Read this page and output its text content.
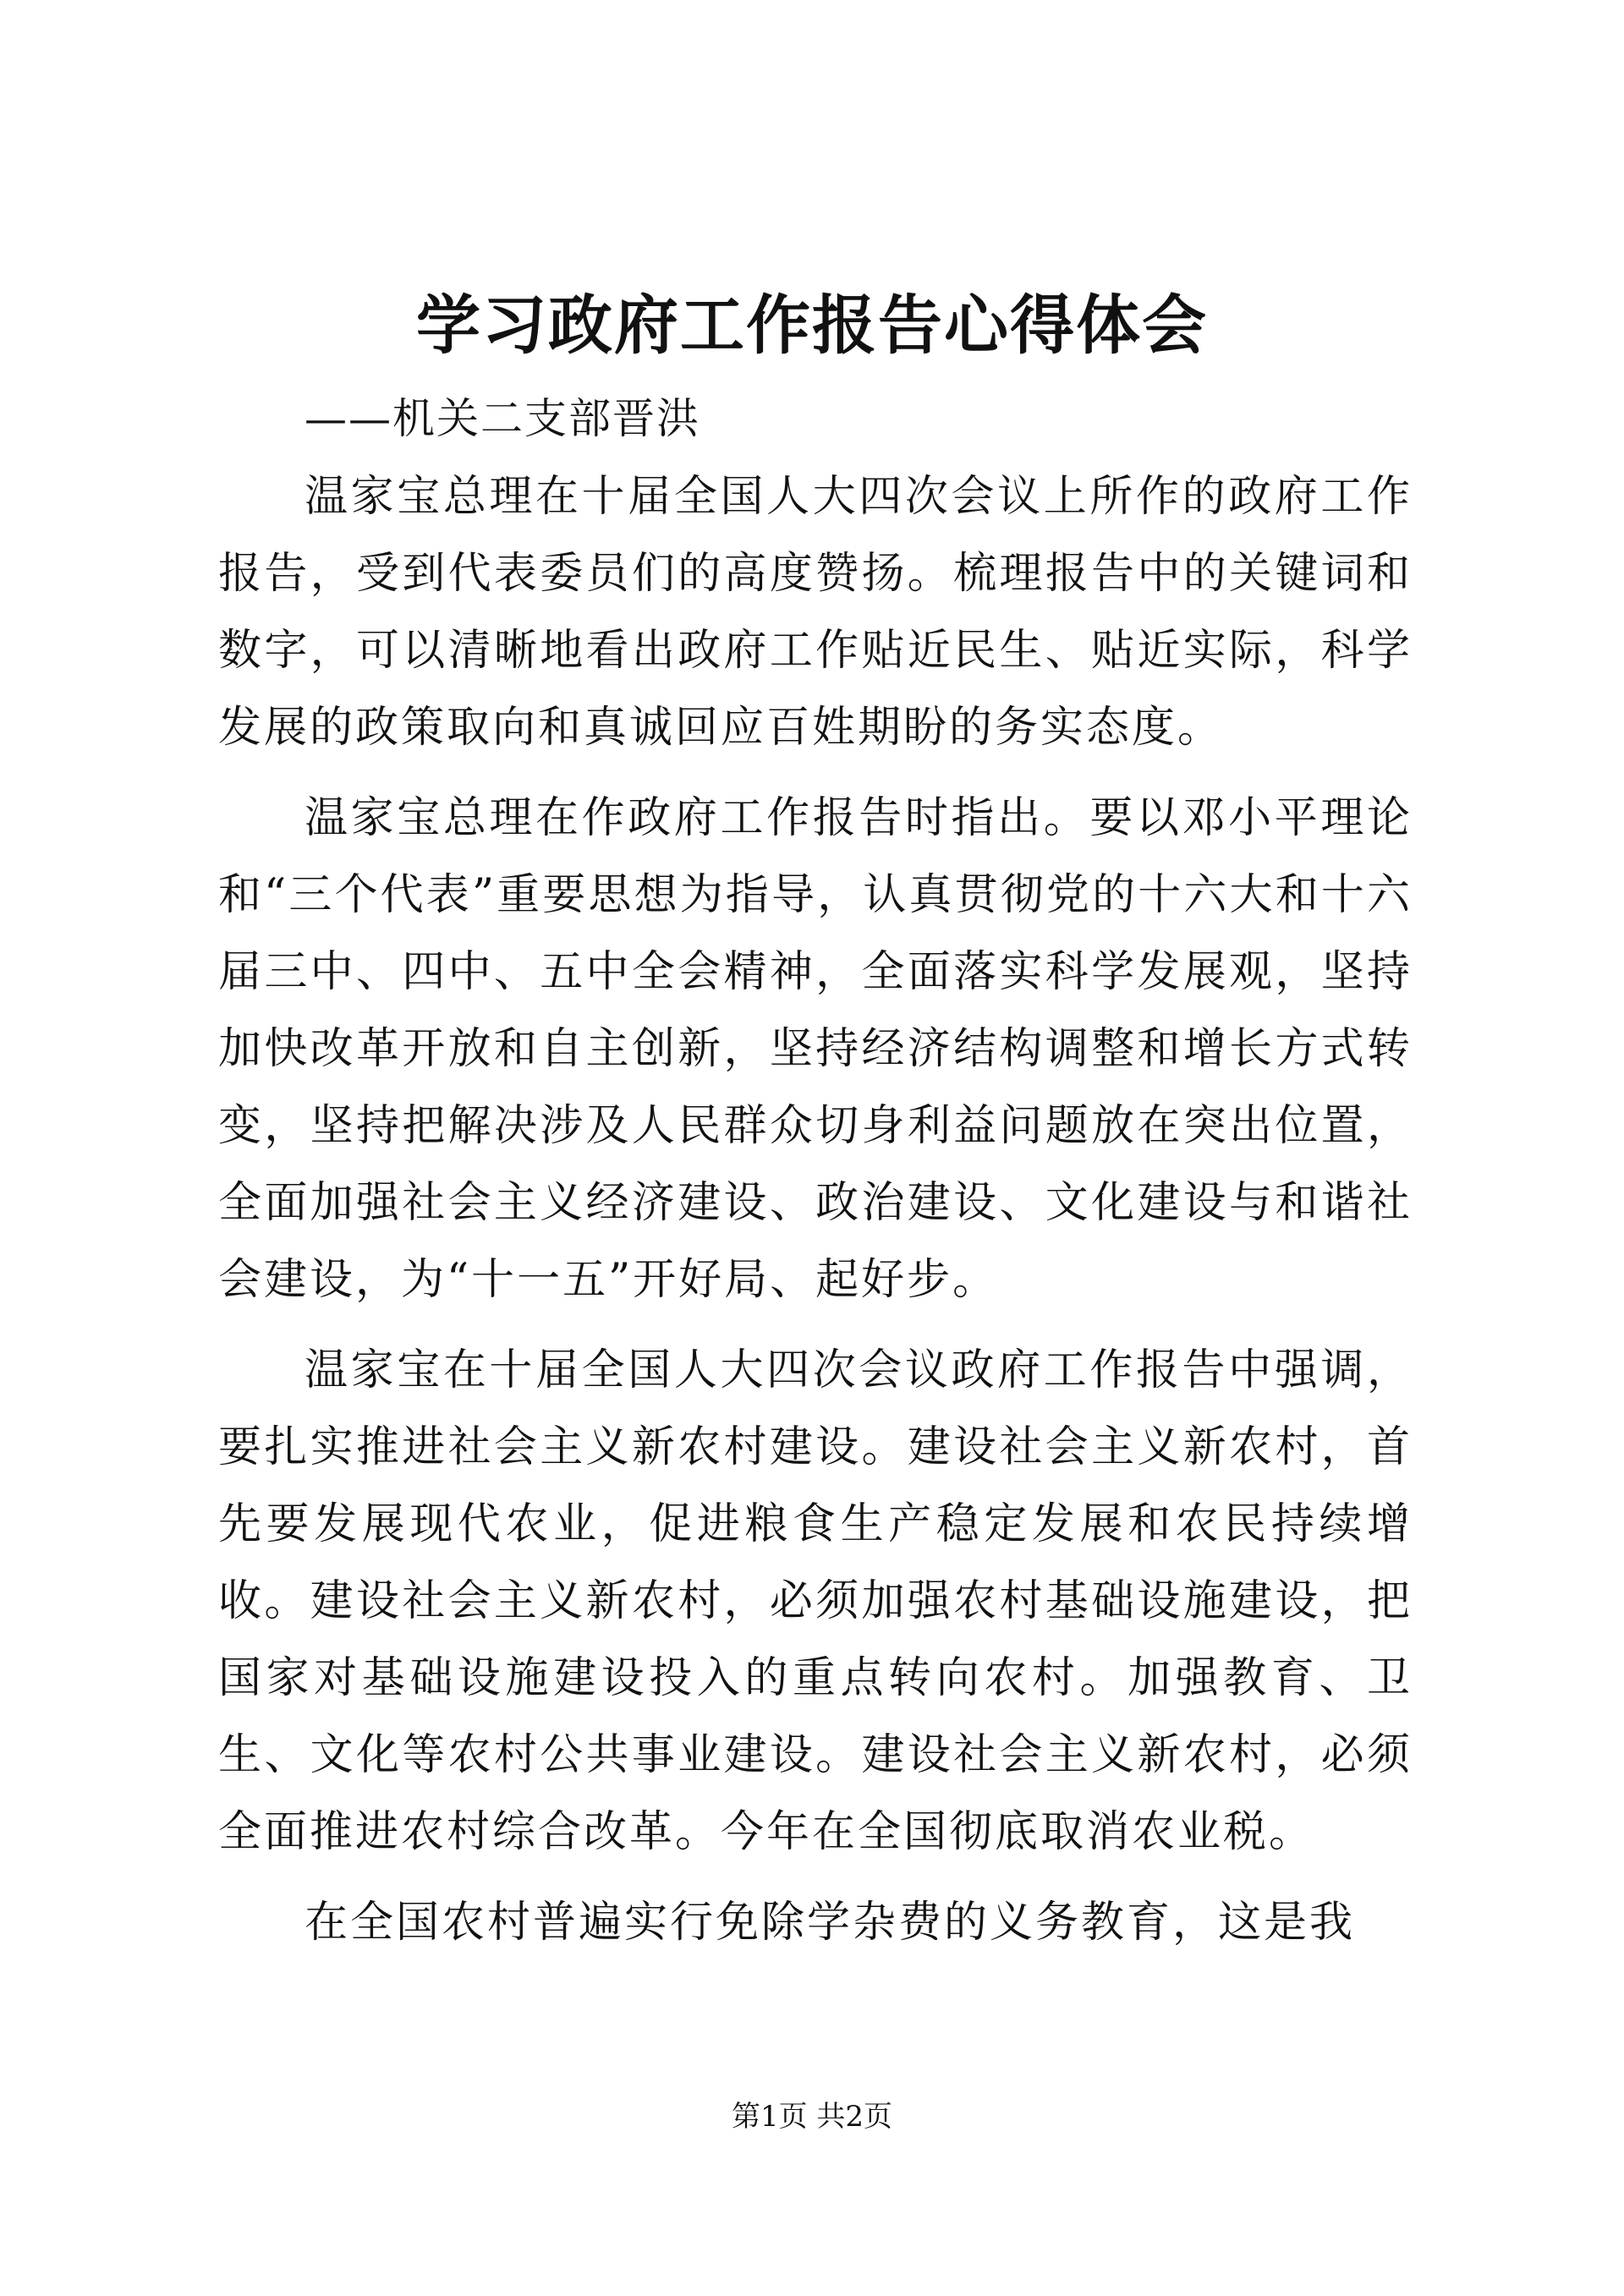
学习政府工作报告心得体会

——机关二支部晋洪

温家宝总理在十届全国人大四次会议上所作的政府工作报告，受到代表委员们的高度赞扬。梳理报告中的关键词和数字，可以清晰地看出政府工作贴近民生、贴近实际，科学发展的政策取向和真诚回应百姓期盼的务实态度。

温家宝总理在作政府工作报告时指出。要以邓小平理论和“三个代表”重要思想为指导，认真贯彻党的十六大和十六届三中、四中、五中全会精神，全面落实科学发展观，坚持加快改革开放和自主创新，坚持经济结构调整和增长方式转变，坚持把解决涉及人民群众切身利益问题放在突出位置，全面加强社会主义经济建设、政治建设、文化建设与和谐社会建设，为“十一五”开好局、起好步。

温家宝在十届全国人大四次会议政府工作报告中强调，要扎实推进社会主义新农村建设。建设社会主义新农村，首先要发展现代农业，促进粮食生产稳定发展和农民持续增收。建设社会主义新农村，必须加强农村基础设施建设，把国家对基础设施建设投入的重点转向农村。加强教育、卫生、文化等农村公共事业建设。建设社会主义新农村，必须全面推进农村综合改革。今年在全国彻底取消农业税。

在全国农村普遍实行免除学杂费的义务教育，这是我

第1页 共2页
